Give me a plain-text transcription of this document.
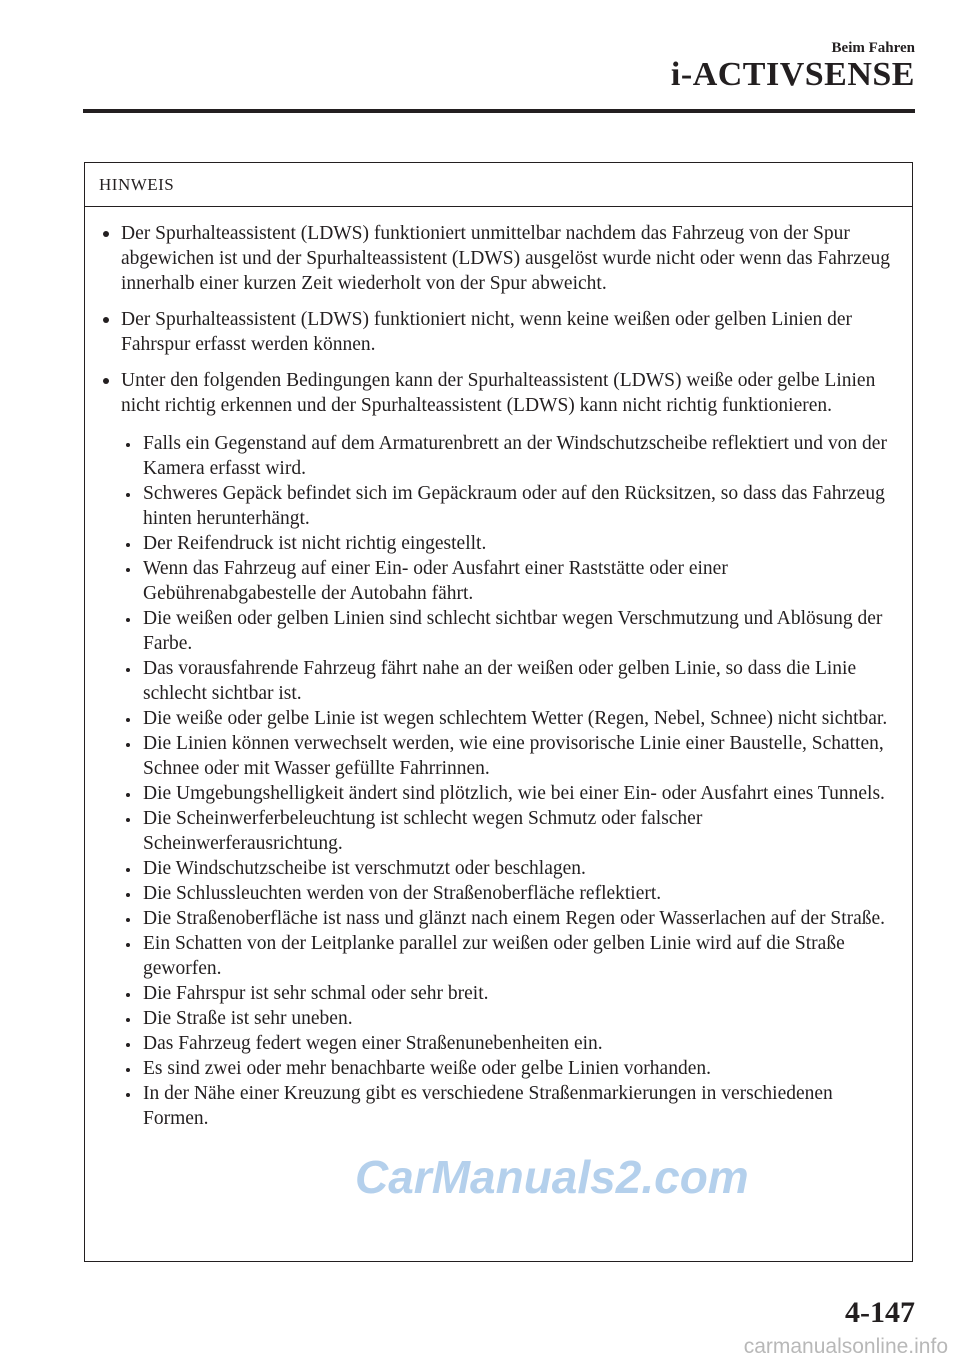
Beim Fahren
i-ACTIVSENSE
HINWEIS
Der Spurhalteassistent (LDWS) funktioniert unmittelbar nachdem das Fahrzeug von der Spur abgewichen ist und der Spurhalteassistent (LDWS) ausgelöst wurde nicht oder wenn das Fahrzeug innerhalb einer kurzen Zeit wiederholt von der Spur abweicht.
Der Spurhalteassistent (LDWS) funktioniert nicht, wenn keine weißen oder gelben Linien der Fahrspur erfasst werden können.
Unter den folgenden Bedingungen kann der Spurhalteassistent (LDWS) weiße oder gelbe Linien nicht richtig erkennen und der Spurhalteassistent (LDWS) kann nicht richtig funktionieren.
Falls ein Gegenstand auf dem Armaturenbrett an der Windschutzscheibe reflektiert und von der Kamera erfasst wird.
Schweres Gepäck befindet sich im Gepäckraum oder auf den Rücksitzen, so dass das Fahrzeug hinten herunterhängt.
Der Reifendruck ist nicht richtig eingestellt.
Wenn das Fahrzeug auf einer Ein- oder Ausfahrt einer Raststätte oder einer Gebührenabgabestelle der Autobahn fährt.
Die weißen oder gelben Linien sind schlecht sichtbar wegen Verschmutzung und Ablösung der Farbe.
Das vorausfahrende Fahrzeug fährt nahe an der weißen oder gelben Linie, so dass die Linie schlecht sichtbar ist.
Die weiße oder gelbe Linie ist wegen schlechtem Wetter (Regen, Nebel, Schnee) nicht sichtbar.
Die Linien können verwechselt werden, wie eine provisorische Linie einer Baustelle, Schatten, Schnee oder mit Wasser gefüllte Fahrrinnen.
Die Umgebungshelligkeit ändert sind plötzlich, wie bei einer Ein- oder Ausfahrt eines Tunnels.
Die Scheinwerferbeleuchtung ist schlecht wegen Schmutz oder falscher Scheinwerferausrichtung.
Die Windschutzscheibe ist verschmutzt oder beschlagen.
Die Schlussleuchten werden von der Straßenoberfläche reflektiert.
Die Straßenoberfläche ist nass und glänzt nach einem Regen oder Wasserlachen auf der Straße.
Ein Schatten von der Leitplanke parallel zur weißen oder gelben Linie wird auf die Straße geworfen.
Die Fahrspur ist sehr schmal oder sehr breit.
Die Straße ist sehr uneben.
Das Fahrzeug federt wegen einer Straßenunebenheiten ein.
Es sind zwei oder mehr benachbarte weiße oder gelbe Linien vorhanden.
In der Nähe einer Kreuzung gibt es verschiedene Straßenmarkierungen in verschiedenen Formen.
CarManuals2.com
4-147
carmanualsonline.info
